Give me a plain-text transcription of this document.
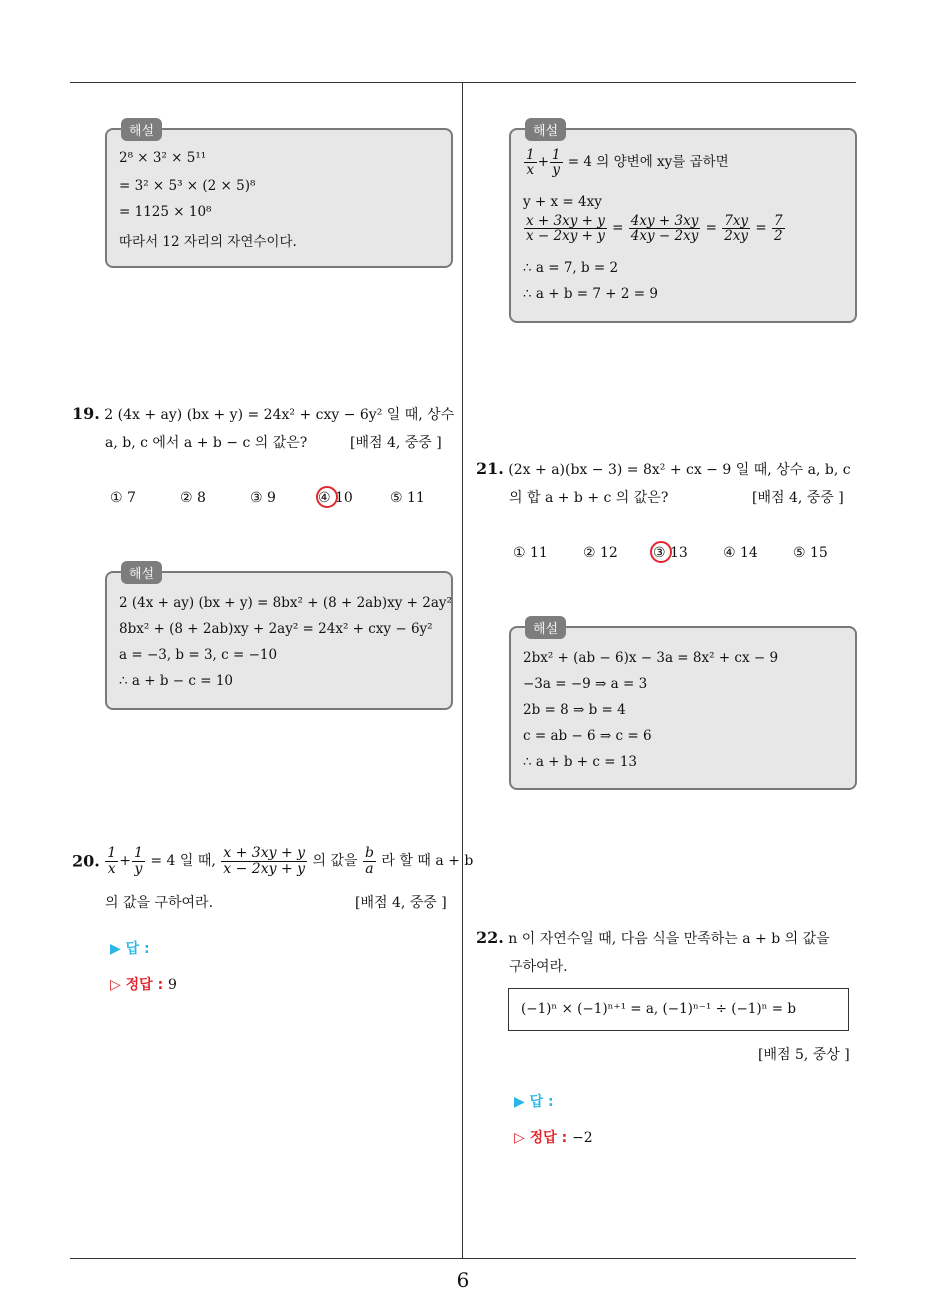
해설
2⁸ × 3² × 5¹¹
= 3² × 5³ × (2 × 5)⁸
= 1125 × 10⁸
따라서 12 자리의 자연수이다.
19. 2 (4x + ay) (bx + y) = 24x² + cxy − 6y² 일 때, 상수
a, b, c 에서 a + b − c 의 값은?	[배점 4, 중중 ]
① 7	② 8	③ 9	④ 10	⑤ 11
해설
2 (4x + ay) (bx + y) = 8bx² + (8 + 2ab)xy + 2ay²
8bx² + (8 + 2ab)xy + 2ay² = 24x² + cxy − 6y²
a = −3, b = 3, c = −10
∴ a + b − c = 10
20. $\frac{1}{x} + \frac{1}{y} = 4$ 일 때, $\frac{x + 3xy + y}{x - 2xy + y}$ 의 값을 $\frac{b}{a}$ 라 할 때 a + b
의 값을 구하여라.	[배점 4, 중중 ]
▶ 답 :
▷ 정답 : 9
해설
$\frac{1}{x} + \frac{1}{y} = 4$ 의 양변에 xy를 곱하면
y + x = 4xy
$\frac{x + 3xy + y}{x - 2xy + y} = \frac{4xy + 3xy}{4xy - 2xy} = \frac{7xy}{2xy} = \frac{7}{2}$
∴ a = 7, b = 2
∴ a + b = 7 + 2 = 9
21. (2x + a)(bx − 3) = 8x² + cx − 9 일 때, 상수 a, b, c
의 합 a + b + c 의 값은?	[배점 4, 중중 ]
① 11	② 12	③ 13	④ 14	⑤ 15
해설
2bx² + (ab − 6)x − 3a = 8x² + cx − 9
−3a = −9 ⇒ a = 3
2b = 8 ⇒ b = 4
c = ab − 6 ⇒ c = 6
∴ a + b + c = 13
22. n 이 자연수일 때, 다음 식을 만족하는 a + b 의 값을
구하여라.
(−1)ⁿ × (−1)ⁿ⁺¹ = a, (−1)ⁿ⁻¹ ÷ (−1)ⁿ = b
[배점 5, 중상 ]
▶ 답 :
▷ 정답 : −2
6
